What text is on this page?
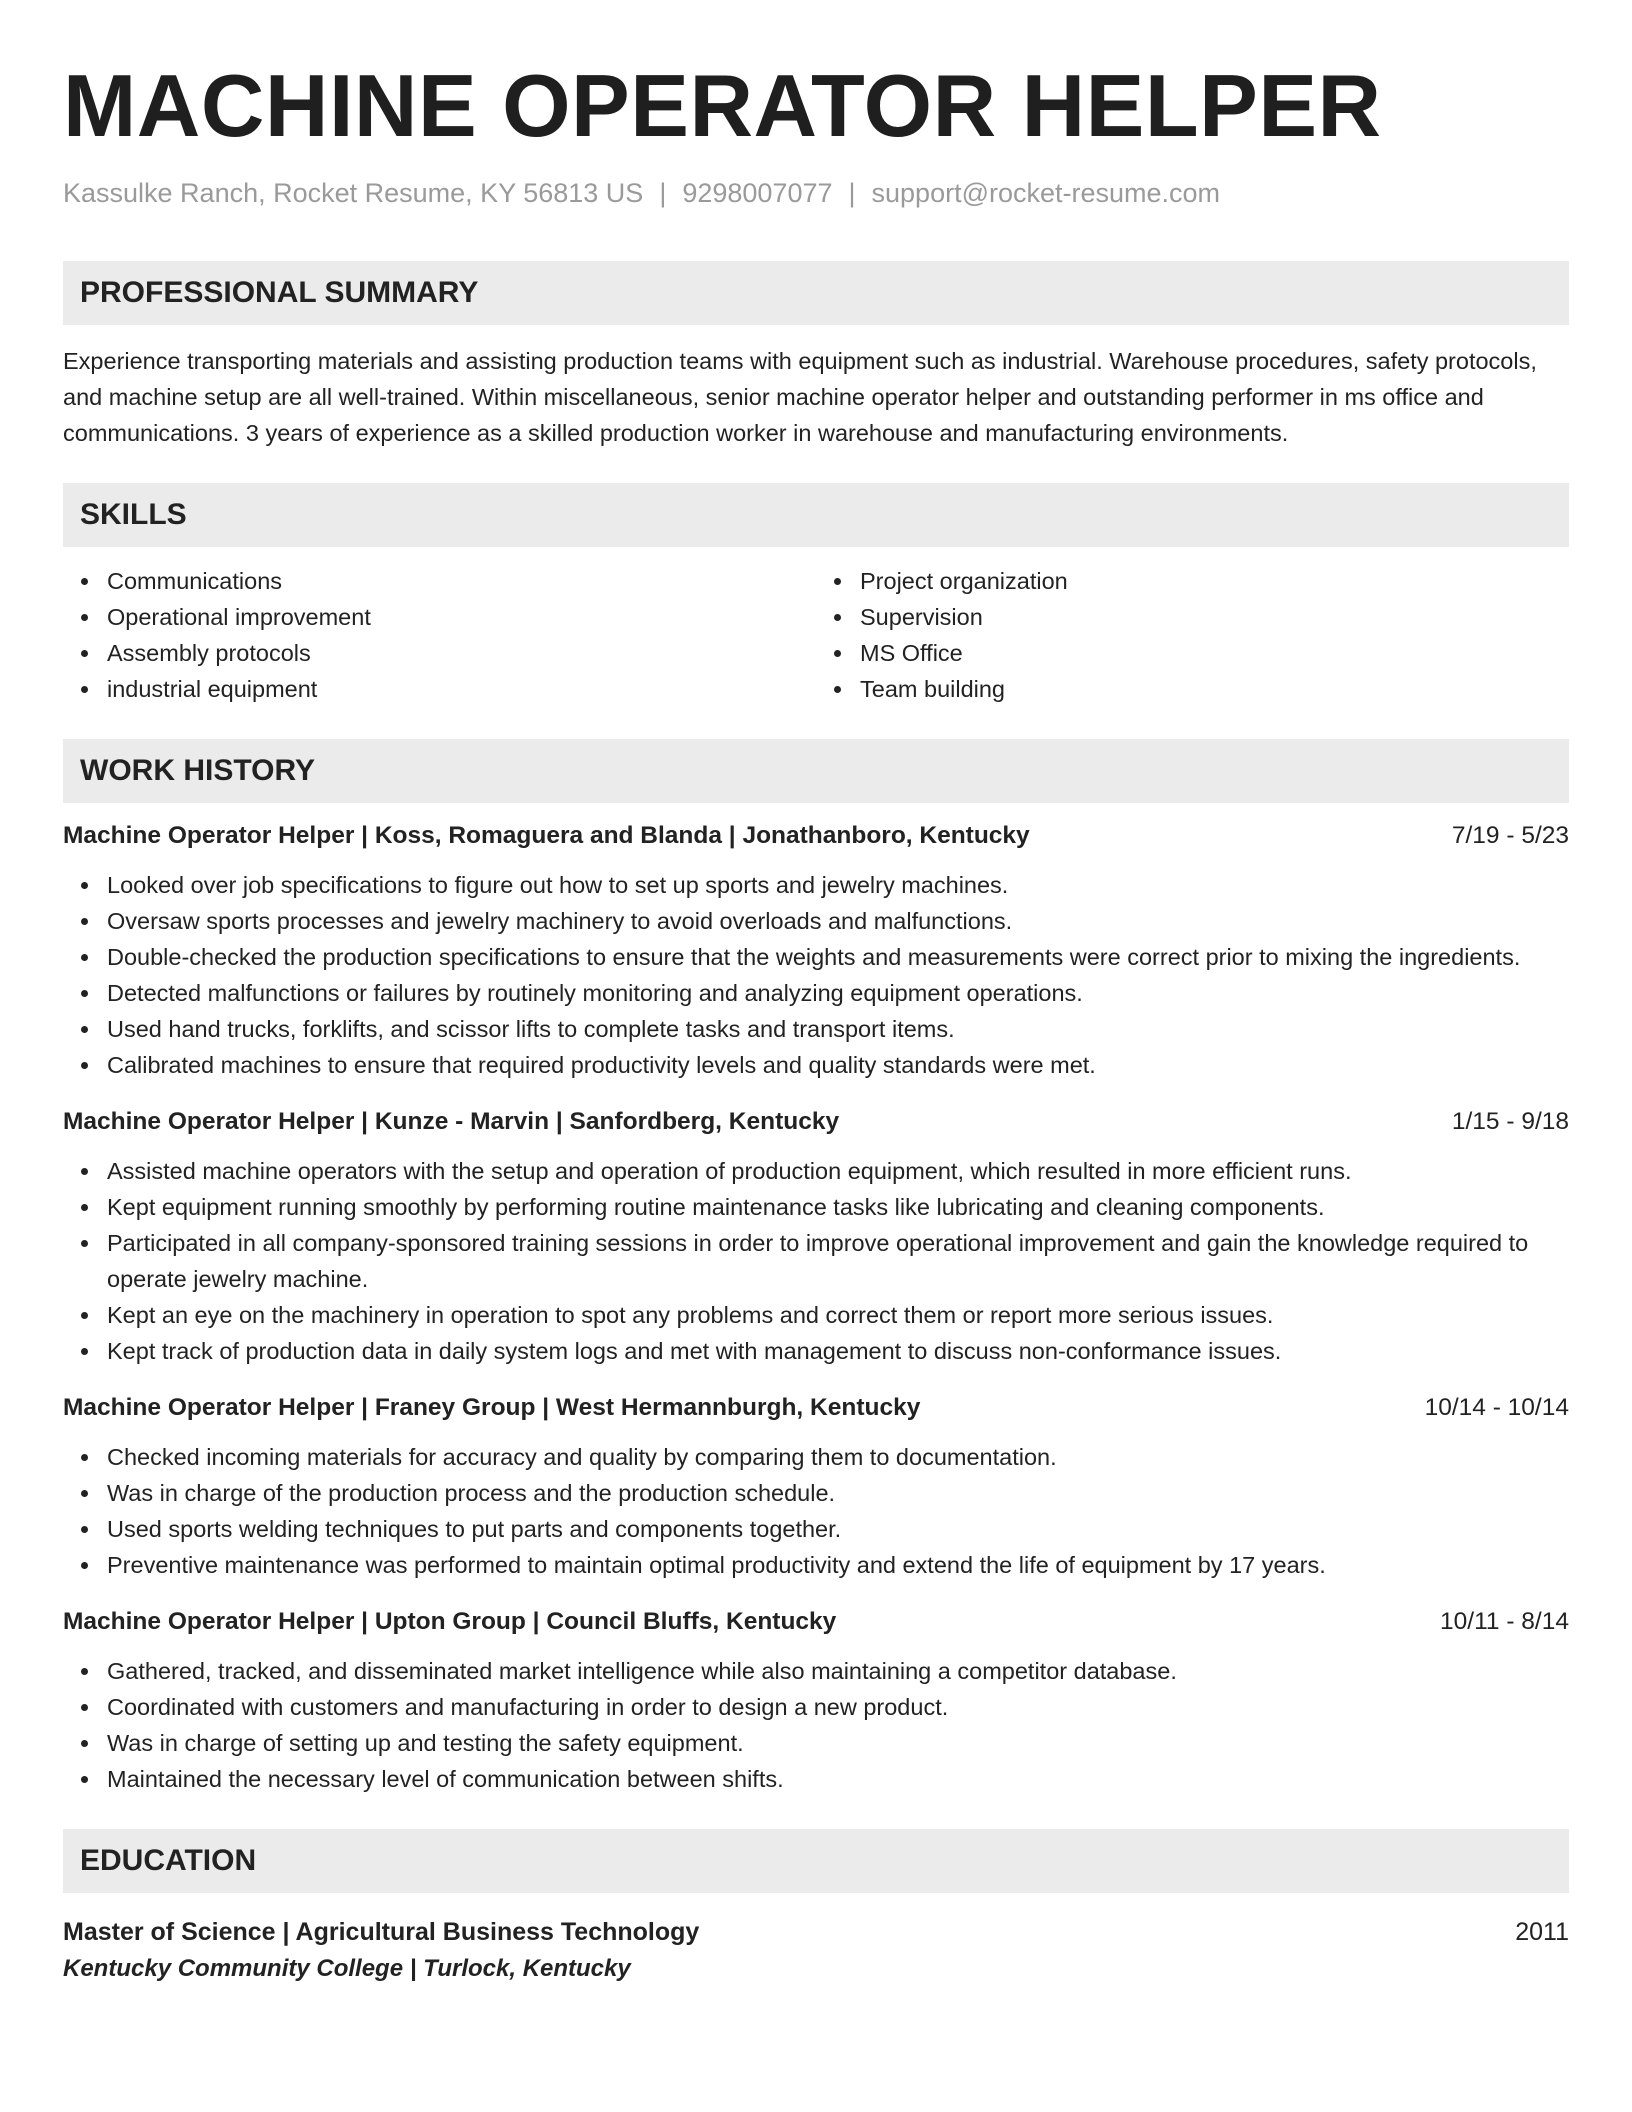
MACHINE OPERATOR HELPER
Kassulke Ranch, Rocket Resume, KY 56813 US | 9298007077 | support@rocket-resume.com
PROFESSIONAL SUMMARY
Experience transporting materials and assisting production teams with equipment such as industrial. Warehouse procedures, safety protocols, and machine setup are all well-trained. Within miscellaneous, senior machine operator helper and outstanding performer in ms office and communications. 3 years of experience as a skilled production worker in warehouse and manufacturing environments.
SKILLS
Communications
Operational improvement
Assembly protocols
industrial equipment
Project organization
Supervision
MS Office
Team building
WORK HISTORY
Machine Operator Helper | Koss, Romaguera and Blanda | Jonathanboro, Kentucky	7/19 - 5/23
Looked over job specifications to figure out how to set up sports and jewelry machines.
Oversaw sports processes and jewelry machinery to avoid overloads and malfunctions.
Double-checked the production specifications to ensure that the weights and measurements were correct prior to mixing the ingredients.
Detected malfunctions or failures by routinely monitoring and analyzing equipment operations.
Used hand trucks, forklifts, and scissor lifts to complete tasks and transport items.
Calibrated machines to ensure that required productivity levels and quality standards were met.
Machine Operator Helper | Kunze - Marvin | Sanfordberg, Kentucky	1/15 - 9/18
Assisted machine operators with the setup and operation of production equipment, which resulted in more efficient runs.
Kept equipment running smoothly by performing routine maintenance tasks like lubricating and cleaning components.
Participated in all company-sponsored training sessions in order to improve operational improvement and gain the knowledge required to operate jewelry machine.
Kept an eye on the machinery in operation to spot any problems and correct them or report more serious issues.
Kept track of production data in daily system logs and met with management to discuss non-conformance issues.
Machine Operator Helper | Franey Group | West Hermannburgh, Kentucky	10/14 - 10/14
Checked incoming materials for accuracy and quality by comparing them to documentation.
Was in charge of the production process and the production schedule.
Used sports welding techniques to put parts and components together.
Preventive maintenance was performed to maintain optimal productivity and extend the life of equipment by 17 years.
Machine Operator Helper | Upton Group | Council Bluffs, Kentucky	10/11 - 8/14
Gathered, tracked, and disseminated market intelligence while also maintaining a competitor database.
Coordinated with customers and manufacturing in order to design a new product.
Was in charge of setting up and testing the safety equipment.
Maintained the necessary level of communication between shifts.
EDUCATION
Master of Science | Agricultural Business Technology	2011
Kentucky Community College | Turlock, Kentucky
